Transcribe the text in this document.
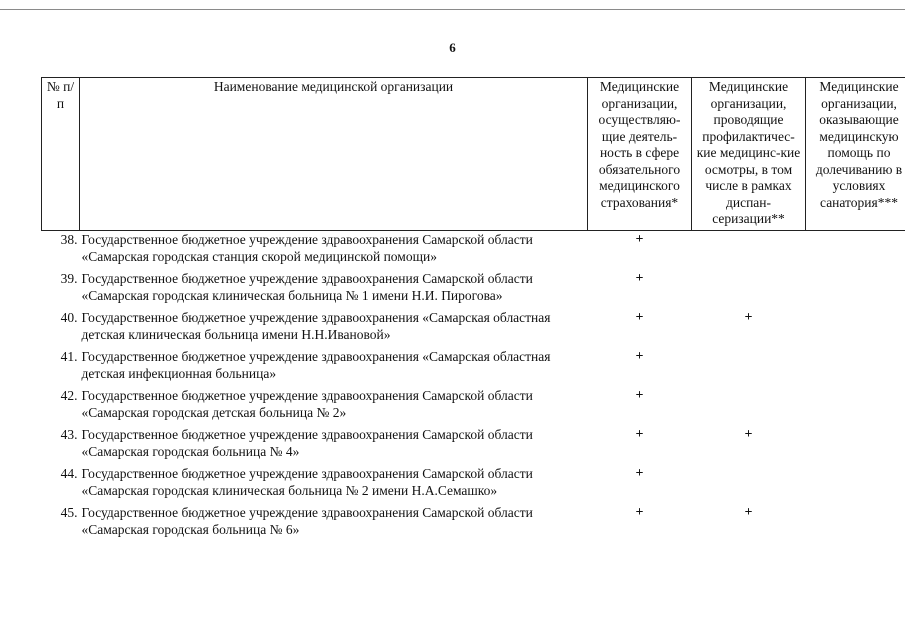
6
№ п/п	Наименование медицинской организации	Медицинские организации, осуществляю-щие деятель-ность в сфере обязательного медицинского страхования*	Медицинские организации, проводящие профилактичес-кие медицинс-кие осмотры, в том числе в рамках диспан-серизации**	Медицинские организации, оказывающие медицинскую помощь по долечиванию в условиях санатория***
38.	Государственное бюджетное учреждение здравоохранения Самарской области «Самарская городская станция скорой медицинской помощи»	+		
39.	Государственное бюджетное учреждение здравоохранения Самарской области «Самарская городская клиническая больница № 1 имени Н.И. Пирогова»	+		
40.	Государственное бюджетное учреждение здравоохранения «Самарская областная детская клиническая больница имени Н.Н.Ивановой»	+	+	
41.	Государственное бюджетное учреждение здравоохранения «Самарская областная детская инфекционная больница»	+		
42.	Государственное бюджетное учреждение здравоохранения Самарской области «Самарская городская детская больница № 2»	+		
43.	Государственное бюджетное учреждение здравоохранения Самарской области «Самарская городская больница № 4»	+	+	
44.	Государственное бюджетное учреждение здравоохранения Самарской области «Самарская городская клиническая больница № 2 имени Н.А.Семашко»	+		
45.	Государственное бюджетное учреждение здравоохранения Самарской области «Самарская городская больница № 6»	+	+	
